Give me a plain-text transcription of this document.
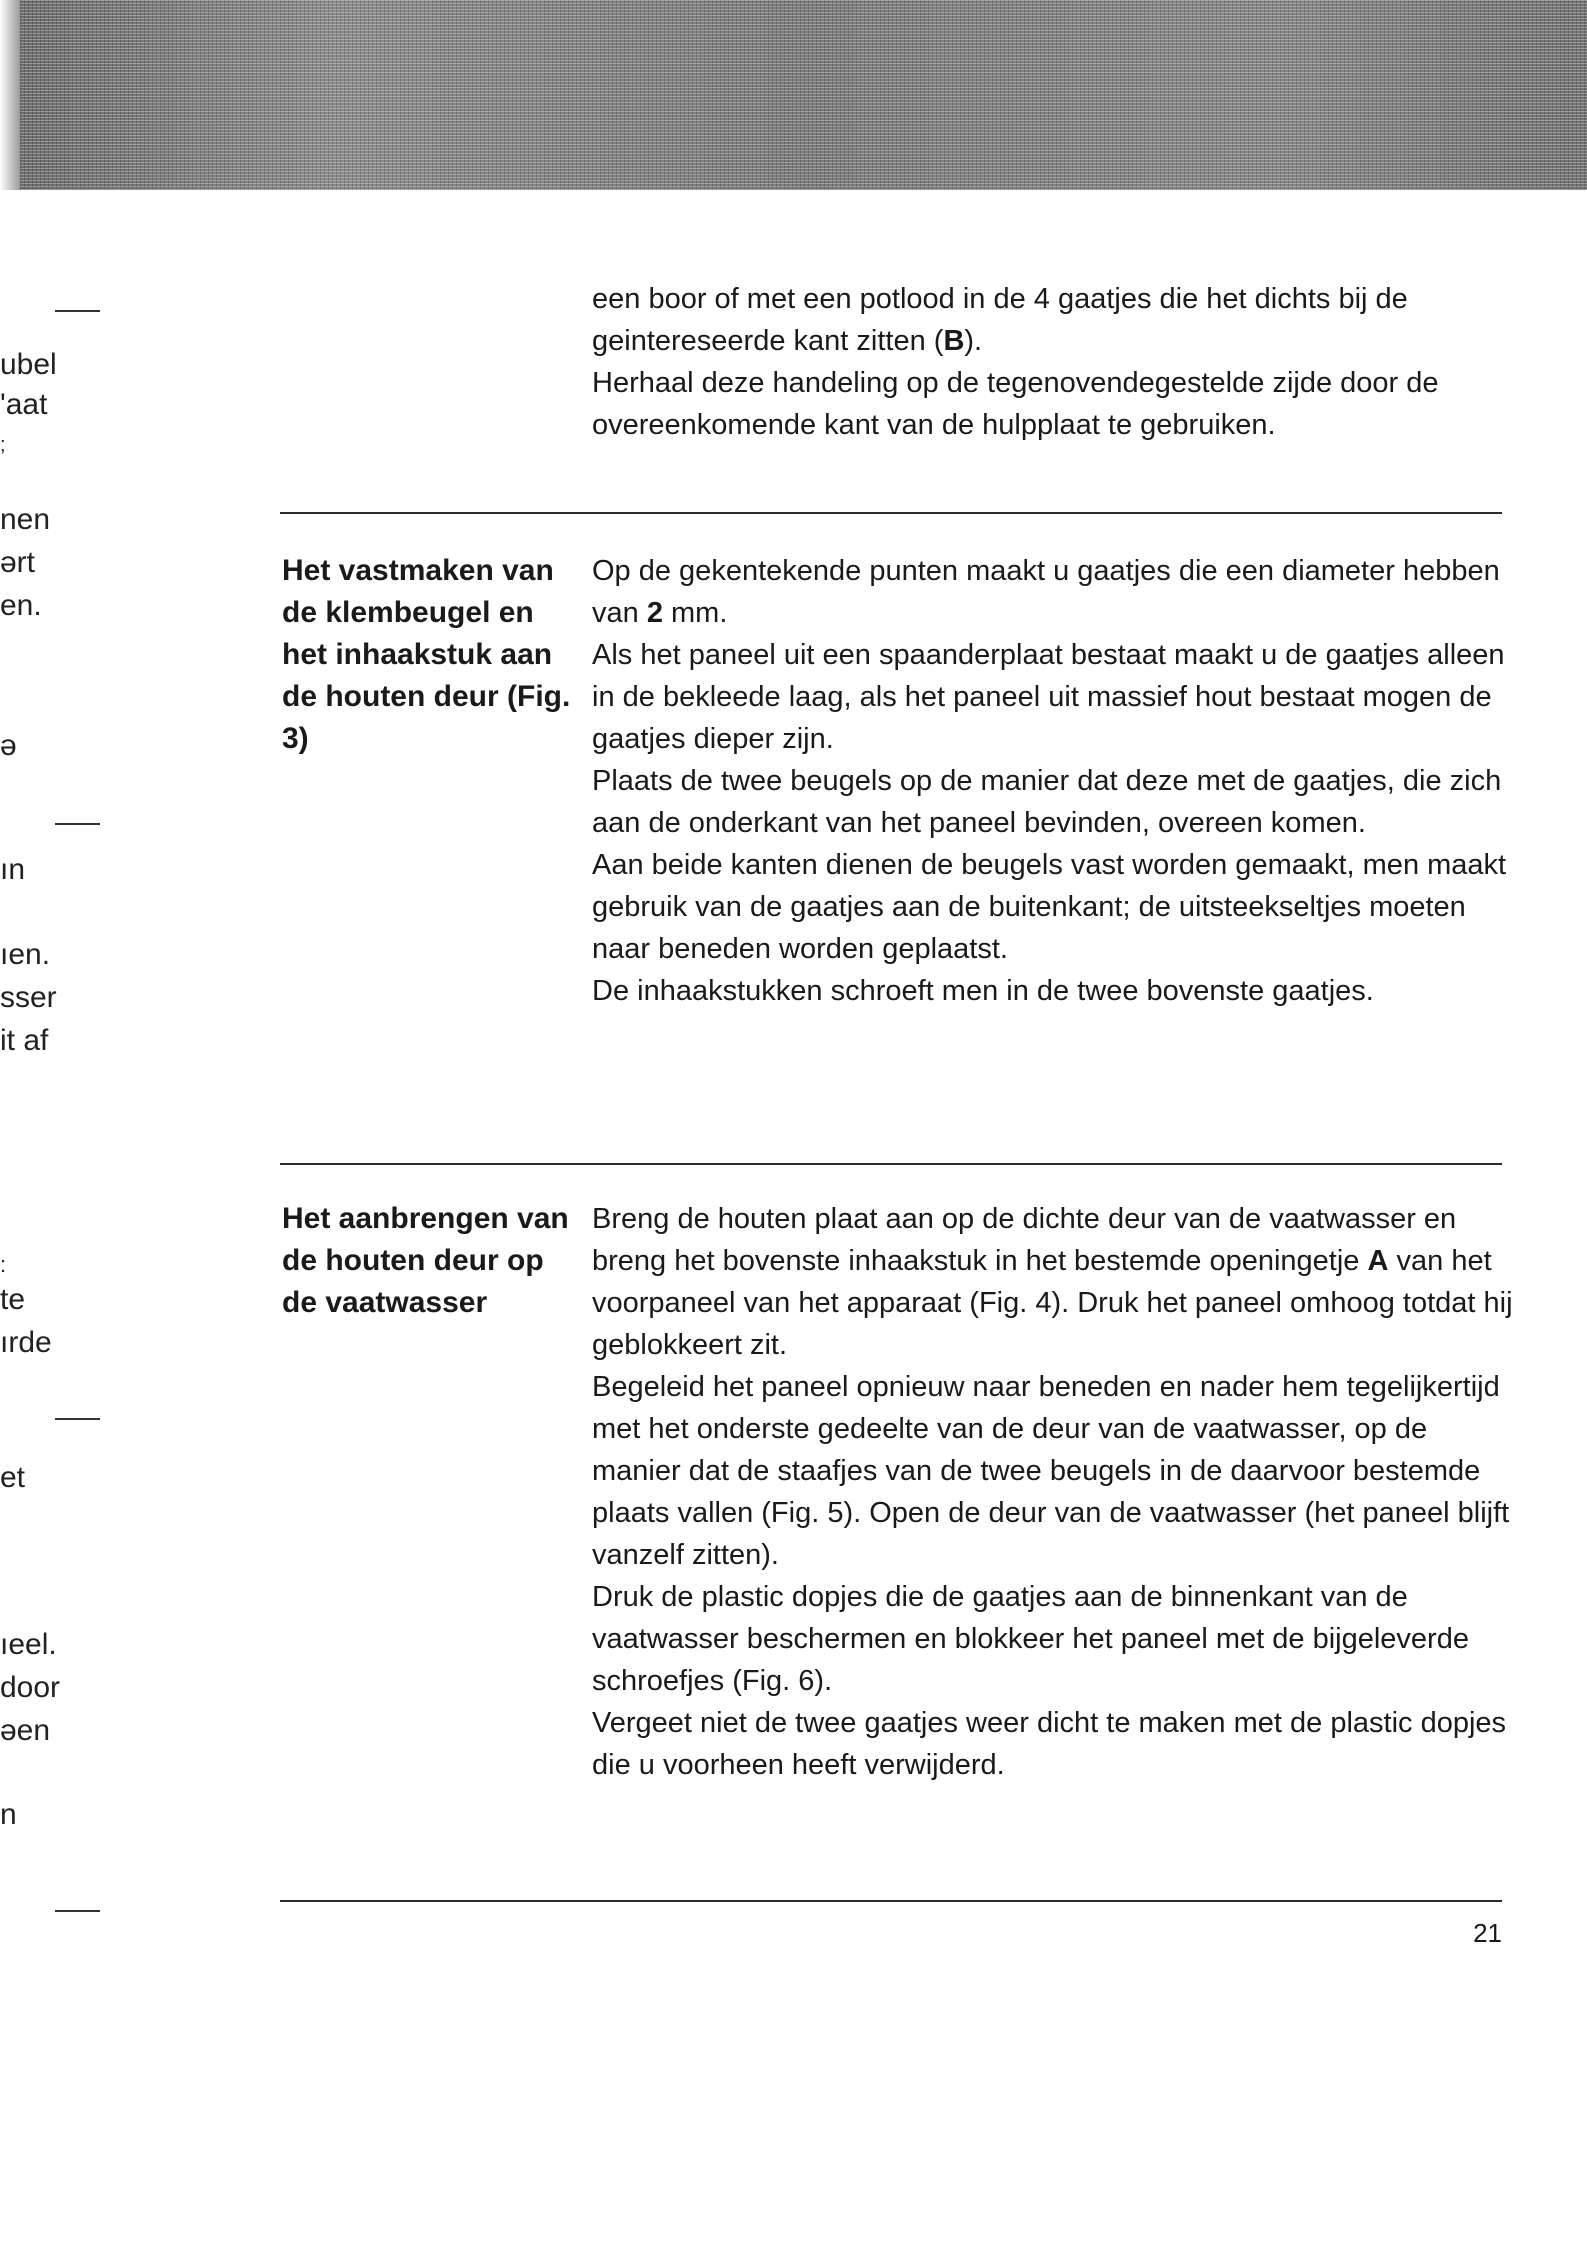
ubel
'aat
;
nen
ərt
en.
ə
ın
ıen.
sser
it af
:
te
ırde
et
ıeel.
door
əen
n

een boor of met een potlood in de 4 gaatjes die het dichts bij de geintereseerde kant zitten (B).

Herhaal deze handeling op de tegenovendegestelde zijde door de overeenkomende kant van de hulpplaat te gebruiken.

Het vastmaken van de klembeugel en het inhaakstuk aan de houten deur (Fig. 3)

Op de gekentekende punten maakt u gaatjes die een diameter hebben van 2 mm.

Als het paneel uit een spaanderplaat bestaat maakt u de gaatjes alleen in de bekleede laag, als het paneel uit massief hout bestaat mogen de gaatjes dieper zijn.

Plaats de twee beugels op de manier dat deze met de gaatjes, die zich aan de onderkant van het paneel bevinden, overeen komen.

Aan beide kanten dienen de beugels vast worden gemaakt, men maakt gebruik van de gaatjes aan de buitenkant; de uitsteekseltjes moeten naar beneden worden geplaatst.

De inhaakstukken schroeft men in de twee bovenste gaatjes.

Het aanbrengen van de houten deur op de vaatwasser

Breng de houten plaat aan op de dichte deur van de vaatwasser en breng het bovenste inhaakstuk in het bestemde openingetje A van het voorpaneel van het apparaat (Fig. 4). Druk het paneel omhoog totdat hij geblokkeert zit.

Begeleid het paneel opnieuw naar beneden en nader hem tegelijkertijd met het onderste gedeelte van de deur van de vaatwasser, op de manier dat de staafjes van de twee beugels in de daarvoor bestemde plaats vallen (Fig. 5). Open de deur van de vaatwasser (het paneel blijft vanzelf zitten).

Druk de plastic dopjes die de gaatjes aan de binnenkant van de vaatwasser beschermen en blokkeer het paneel met de bijgeleverde schroefjes (Fig. 6).

Vergeet niet de twee gaatjes weer dicht te maken met de plastic dopjes die u voorheen heeft verwijderd.

21
